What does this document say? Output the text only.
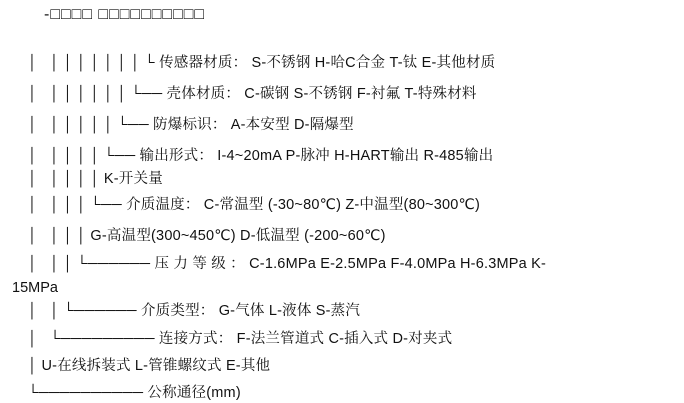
-□□□□ □□□□□□□□□□
│   │ │ │ │ │ │ │ └ 传感器材质： S-不锈钢 H-哈C合金 T-钛 E-其他材质
│   │ │ │ │ │ │ └── 壳体材质： C-碳钢 S-不锈钢 F-衬氟 T-特殊材料
│   │ │ │ │ │ └── 防爆标识： A-本安型 D-隔爆型
│   │ │ │ │ └── 输出形式： I-4~20mA P-脉冲 H-HART输出 R-485输出
│   │ │ │ │ K-开关量
│   │ │ │ └── 介质温度： C-常温型 (-30~80℃) Z-中温型(80~300℃)
│   │ │ │ G-高温型(300~450℃) D-低温型 (-200~60℃)
│   │ │ └────── 压 力 等 级 ： C-1.6MPa E-2.5MPa F-4.0MPa H-6.3MPa K-
15MPa
│   │ └────── 介质类型： G-气体 L-液体 S-蒸汽
│   └───────── 连接方式： F-法兰管道式 C-插入式 D-对夹式
│ U-在线拆装式 L-管锥螺纹式 E-其他
└────────── 公称通径(mm)
